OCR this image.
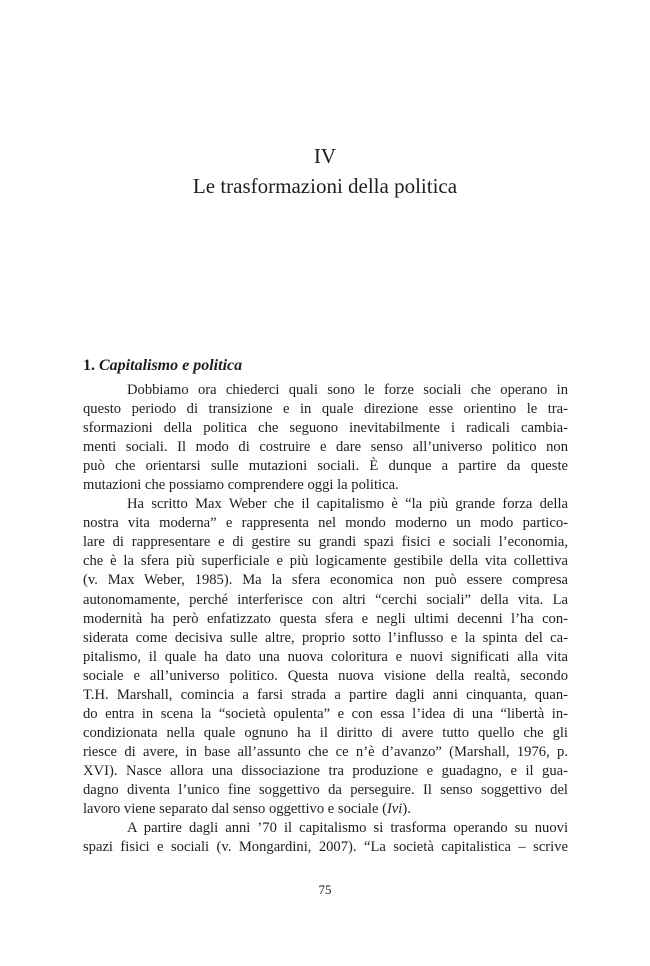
IV
Le trasformazioni della politica
1. Capitalismo e politica
Dobbiamo ora chiederci quali sono le forze sociali che operano in
questo periodo di transizione e in quale direzione esse orientino le tra-
sformazioni della politica che seguono inevitabilmente i radicali cambia-
menti sociali. Il modo di costruire e dare senso all’universo politico non
può che orientarsi sulle mutazioni sociali. È dunque a partire da queste
mutazioni che possiamo comprendere oggi la politica.
Ha scritto Max Weber che il capitalismo è “la più grande forza della
nostra vita moderna” e rappresenta nel mondo moderno un modo partico-
lare di rappresentare e di gestire su grandi spazi fisici e sociali l’economia,
che è la sfera più superficiale e più logicamente gestibile della vita collettiva
(v. Max Weber, 1985). Ma la sfera economica non può essere compresa
autonomamente, perché interferisce con altri “cerchi sociali” della vita. La
modernità ha però enfatizzato questa sfera e negli ultimi decenni l’ha con-
siderata come decisiva sulle altre, proprio sotto l’influsso e la spinta del ca-
pitalismo, il quale ha dato una nuova coloritura e nuovi significati alla vita
sociale e all’universo politico. Questa nuova visione della realtà, secondo
T.H. Marshall, comincia a farsi strada a partire dagli anni cinquanta, quan-
do entra in scena la “società opulenta” e con essa l’idea di una “libertà in-
condizionata nella quale ognuno ha il diritto di avere tutto quello che gli
riesce di avere, in base all’assunto che ce n’è d’avanzo” (Marshall, 1976, p.
XVI). Nasce allora una dissociazione tra produzione e guadagno, e il gua-
dagno diventa l’unico fine soggettivo da perseguire. Il senso soggettivo del
lavoro viene separato dal senso oggettivo e sociale (Ivi).
A partire dagli anni ’70 il capitalismo si trasforma operando su nuovi
spazi fisici e sociali (v. Mongardini, 2007). “La società capitalistica – scrive
75
